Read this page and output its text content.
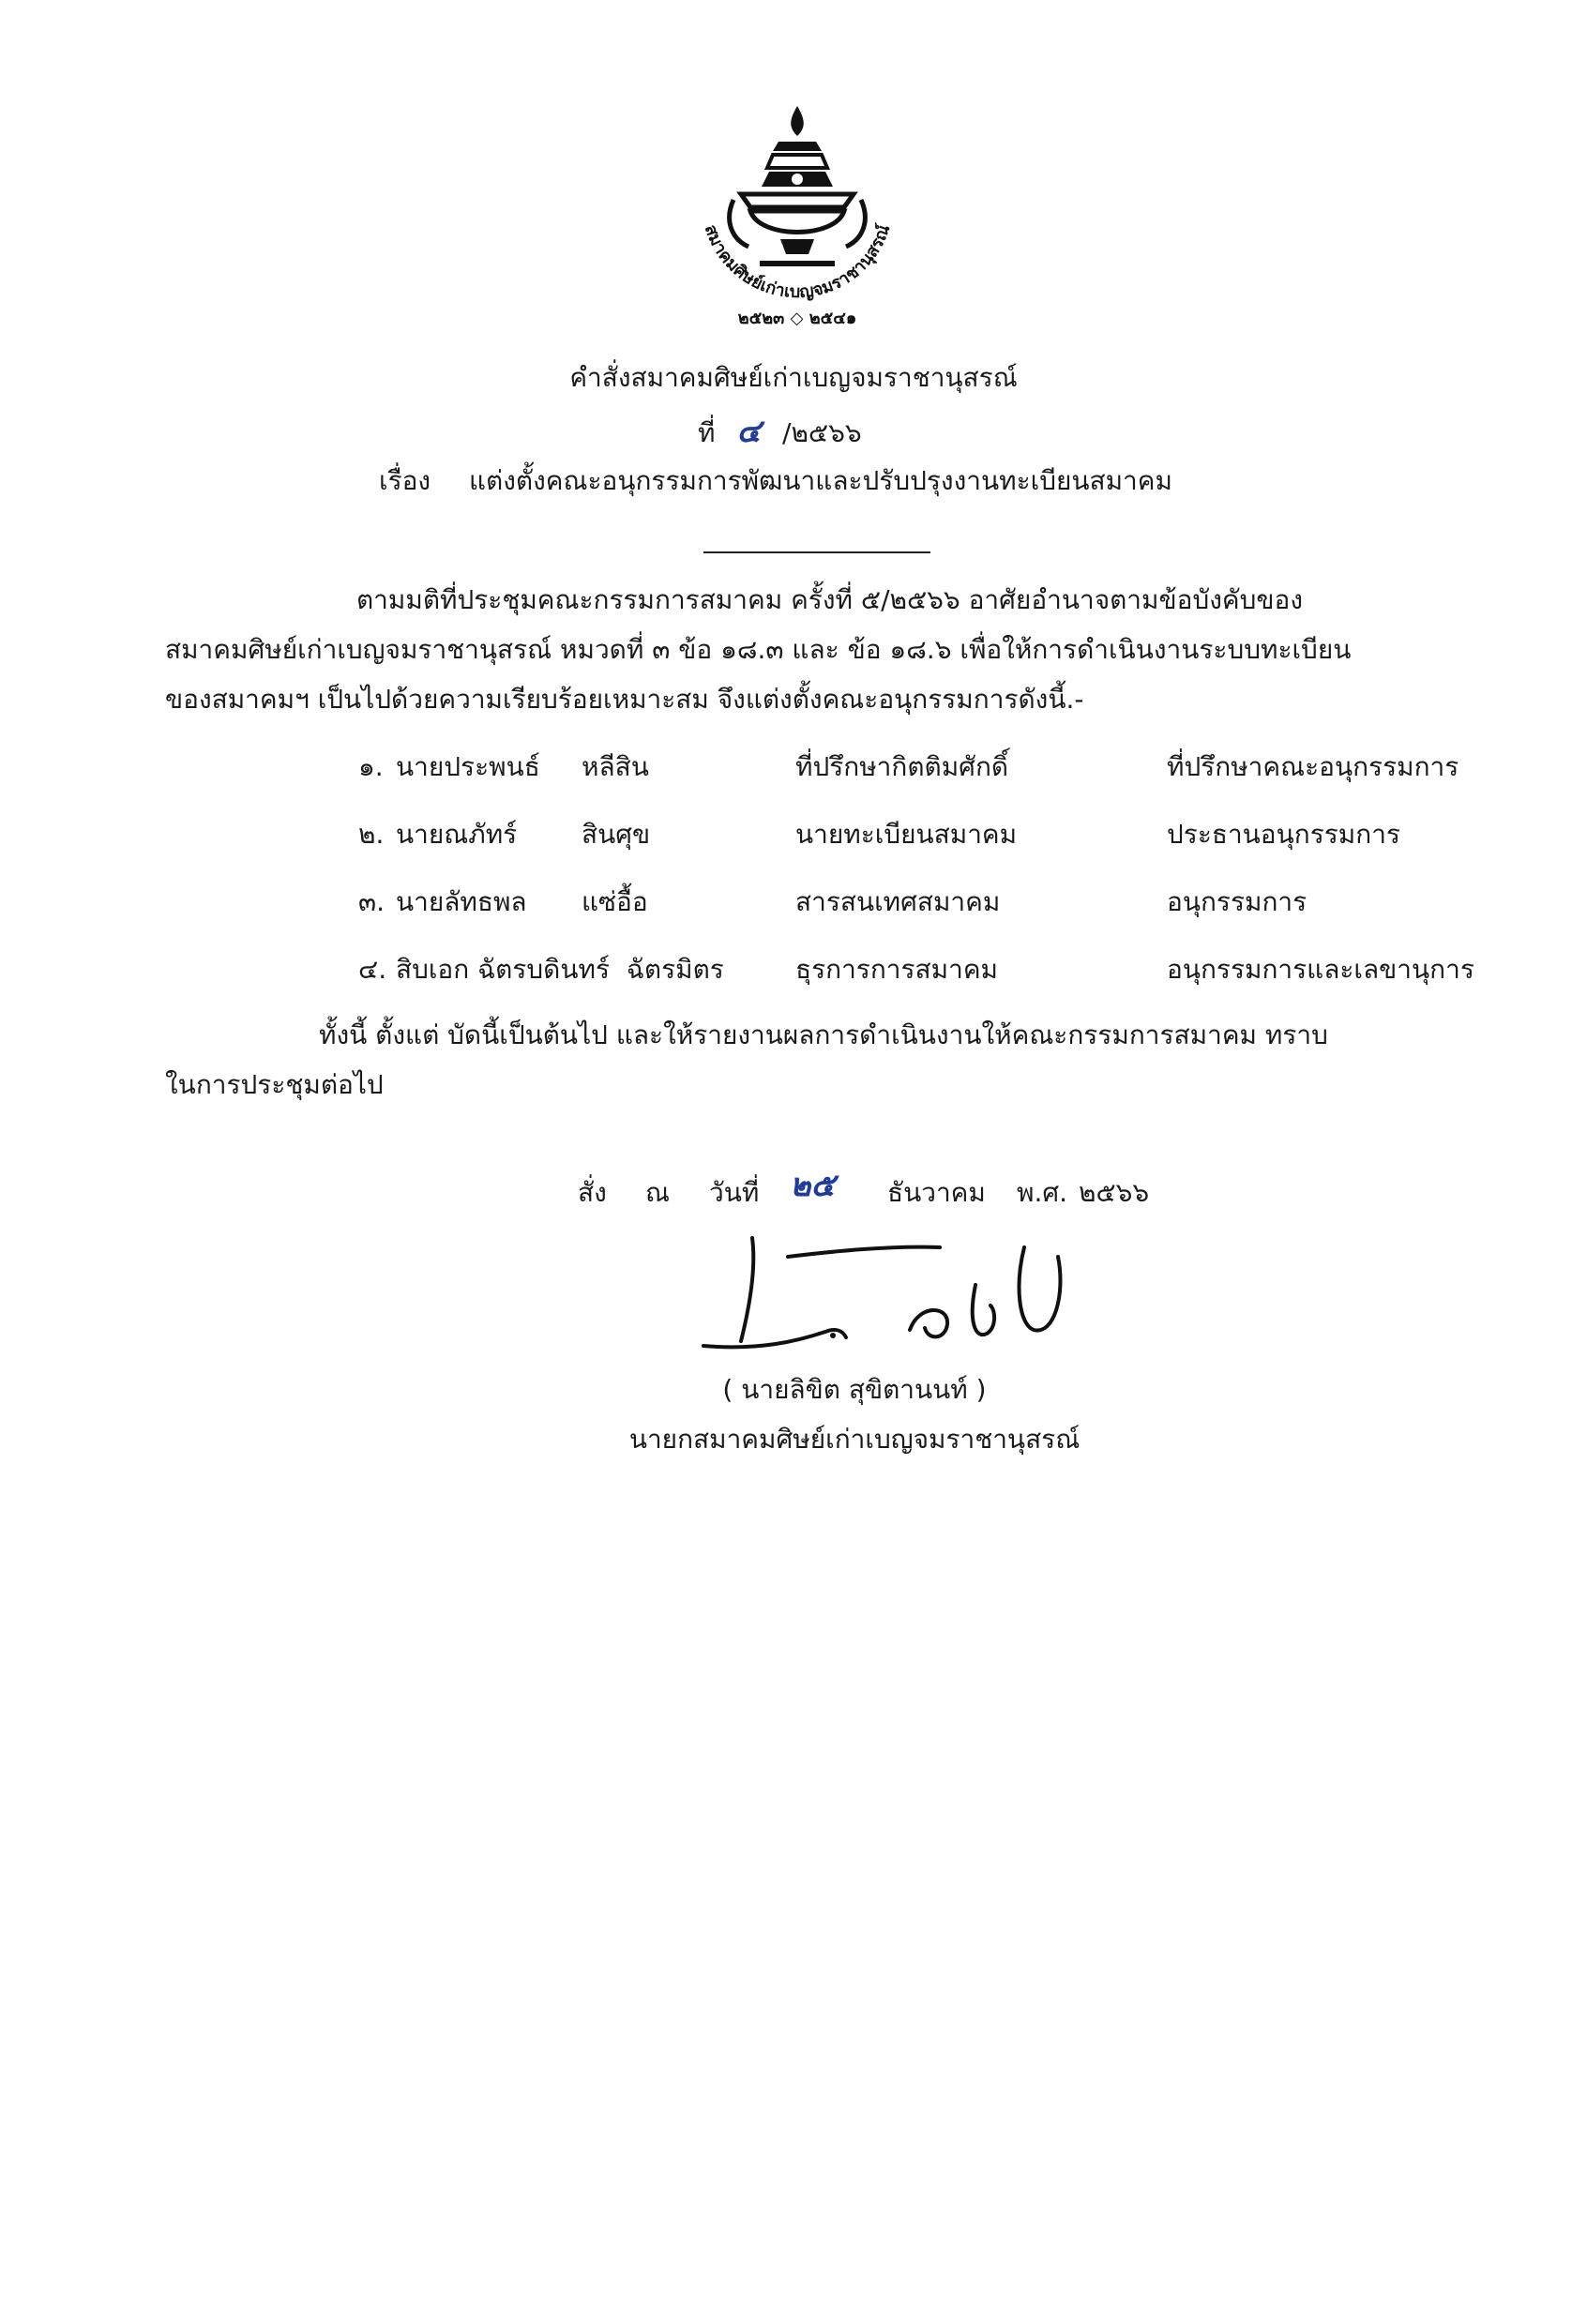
สมาคมศิษย์เก่าเบญจมราชานุสรณ์
๒๕๒๓ ◇ ๒๕๔๑
คำสั่งสมาคมศิษย์เก่าเบญจมราชานุสรณ์
ที่ ๔ /๒๕๖๖
เรื่อง แต่งตั้งคณะอนุกรรมการพัฒนาและปรับปรุงงานทะเบียนสมาคม
ตามมติที่ประชุมคณะกรรมการสมาคม ครั้งที่ ๕/๒๕๖๖ อาศัยอำนาจตามข้อบังคับของ
สมาคมศิษย์เก่าเบญจมราชานุสรณ์ หมวดที่ ๓ ข้อ ๑๘.๓ และ ข้อ ๑๘.๖ เพื่อให้การดำเนินงานระบบทะเบียน
ของสมาคมฯ เป็นไปด้วยความเรียบร้อยเหมาะสม จึงแต่งตั้งคณะอนุกรรมการดังนี้.-
๑.	นายประพนธ์	หลีสิน	ที่ปรึกษากิตติมศักดิ์	ที่ปรึกษาคณะอนุกรรมการ
๒.	นายณภัทร์	สินศุข	นายทะเบียนสมาคม	ประธานอนุกรรมการ
๓.	นายลัทธพล	แซ่อื้อ	สารสนเทศสมาคม	อนุกรรมการ
๔.	สิบเอก ฉัตรบดินทร์ ฉัตรมิตร		ธุรการการสมาคม	อนุกรรมการและเลขานุการ
ทั้งนี้ ตั้งแต่ บัดนี้เป็นต้นไป และให้รายงานผลการดำเนินงานให้คณะกรรมการสมาคม ทราบ
ในการประชุมต่อไป
สั่ง ณ วันที่ ๒๕ ธันวาคม พ.ศ. ๒๕๖๖
( นายลิขิต สุขิตานนท์ )
นายกสมาคมศิษย์เก่าเบญจมราชานุสรณ์
